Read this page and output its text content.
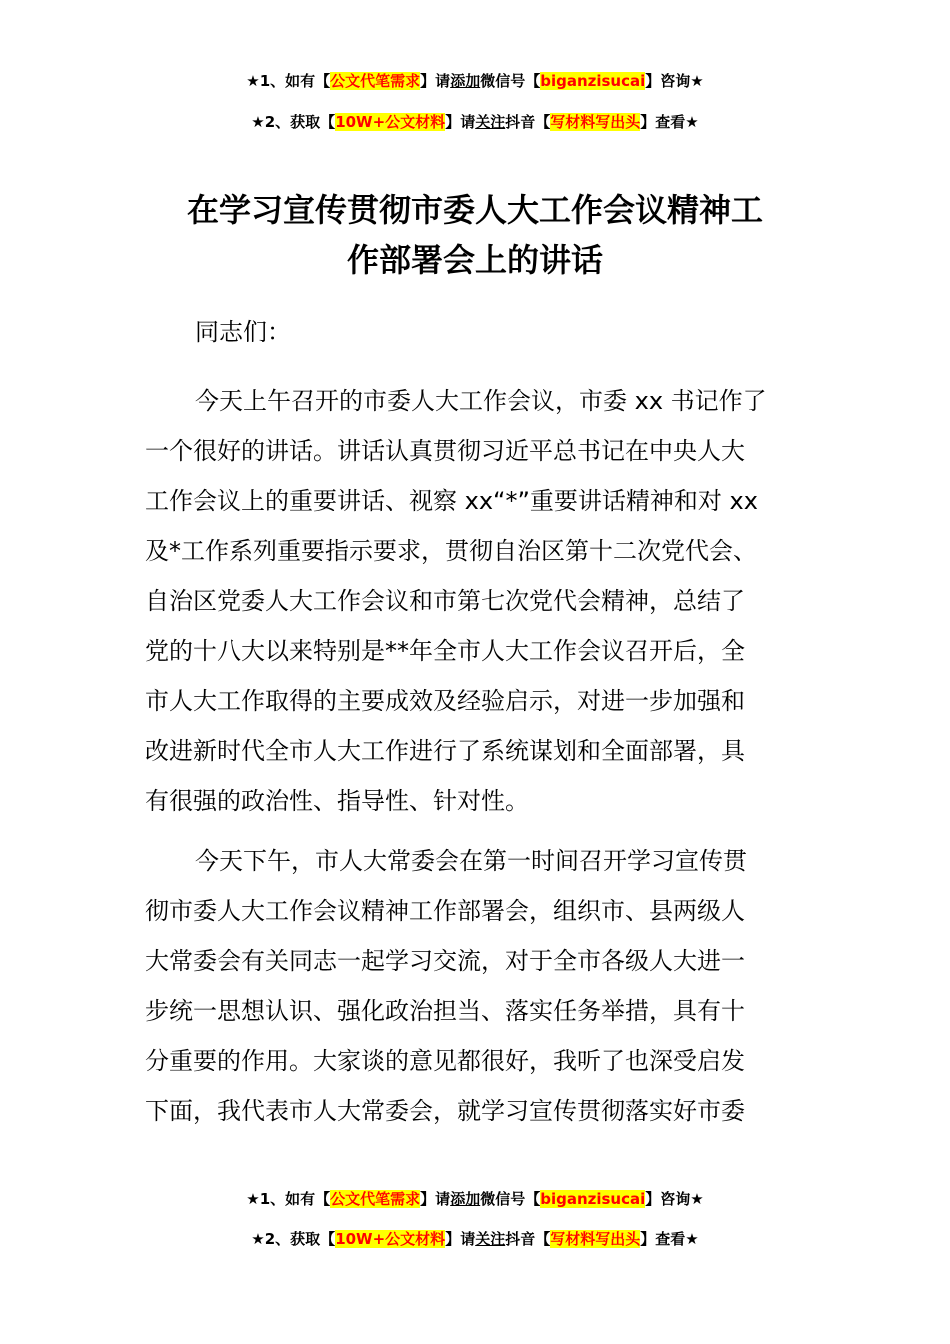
★1、如有【公文代笔需求】请添加微信号【biganzisucai】咨询★
★2、获取【10W+公文材料】请关注抖音【写材料写出头】查看★
在学习宣传贯彻市委人大工作会议精神工
作部署会上的讲话
同志们：
今天上午召开的市委人大工作会议，市委 xx 书记作了
一个很好的讲话。讲话认真贯彻习近平总书记在中央人大
工作会议上的重要讲话、视察 xx“*”重要讲话精神和对 xx
及*工作系列重要指示要求，贯彻自治区第十二次党代会、
自治区党委人大工作会议和市第七次党代会精神，总结了
党的十八大以来特别是**年全市人大工作会议召开后，全
市人大工作取得的主要成效及经验启示，对进一步加强和
改进新时代全市人大工作进行了系统谋划和全面部署，具
有很强的政治性、指导性、针对性。
今天下午，市人大常委会在第一时间召开学习宣传贯
彻市委人大工作会议精神工作部署会，组织市、县两级人
大常委会有关同志一起学习交流，对于全市各级人大进一
步统一思想认识、强化政治担当、落实任务举措，具有十
分重要的作用。大家谈的意见都很好，我听了也深受启发
下面，我代表市人大常委会，就学习宣传贯彻落实好市委
★1、如有【公文代笔需求】请添加微信号【biganzisucai】咨询★
★2、获取【10W+公文材料】请关注抖音【写材料写出头】查看★
